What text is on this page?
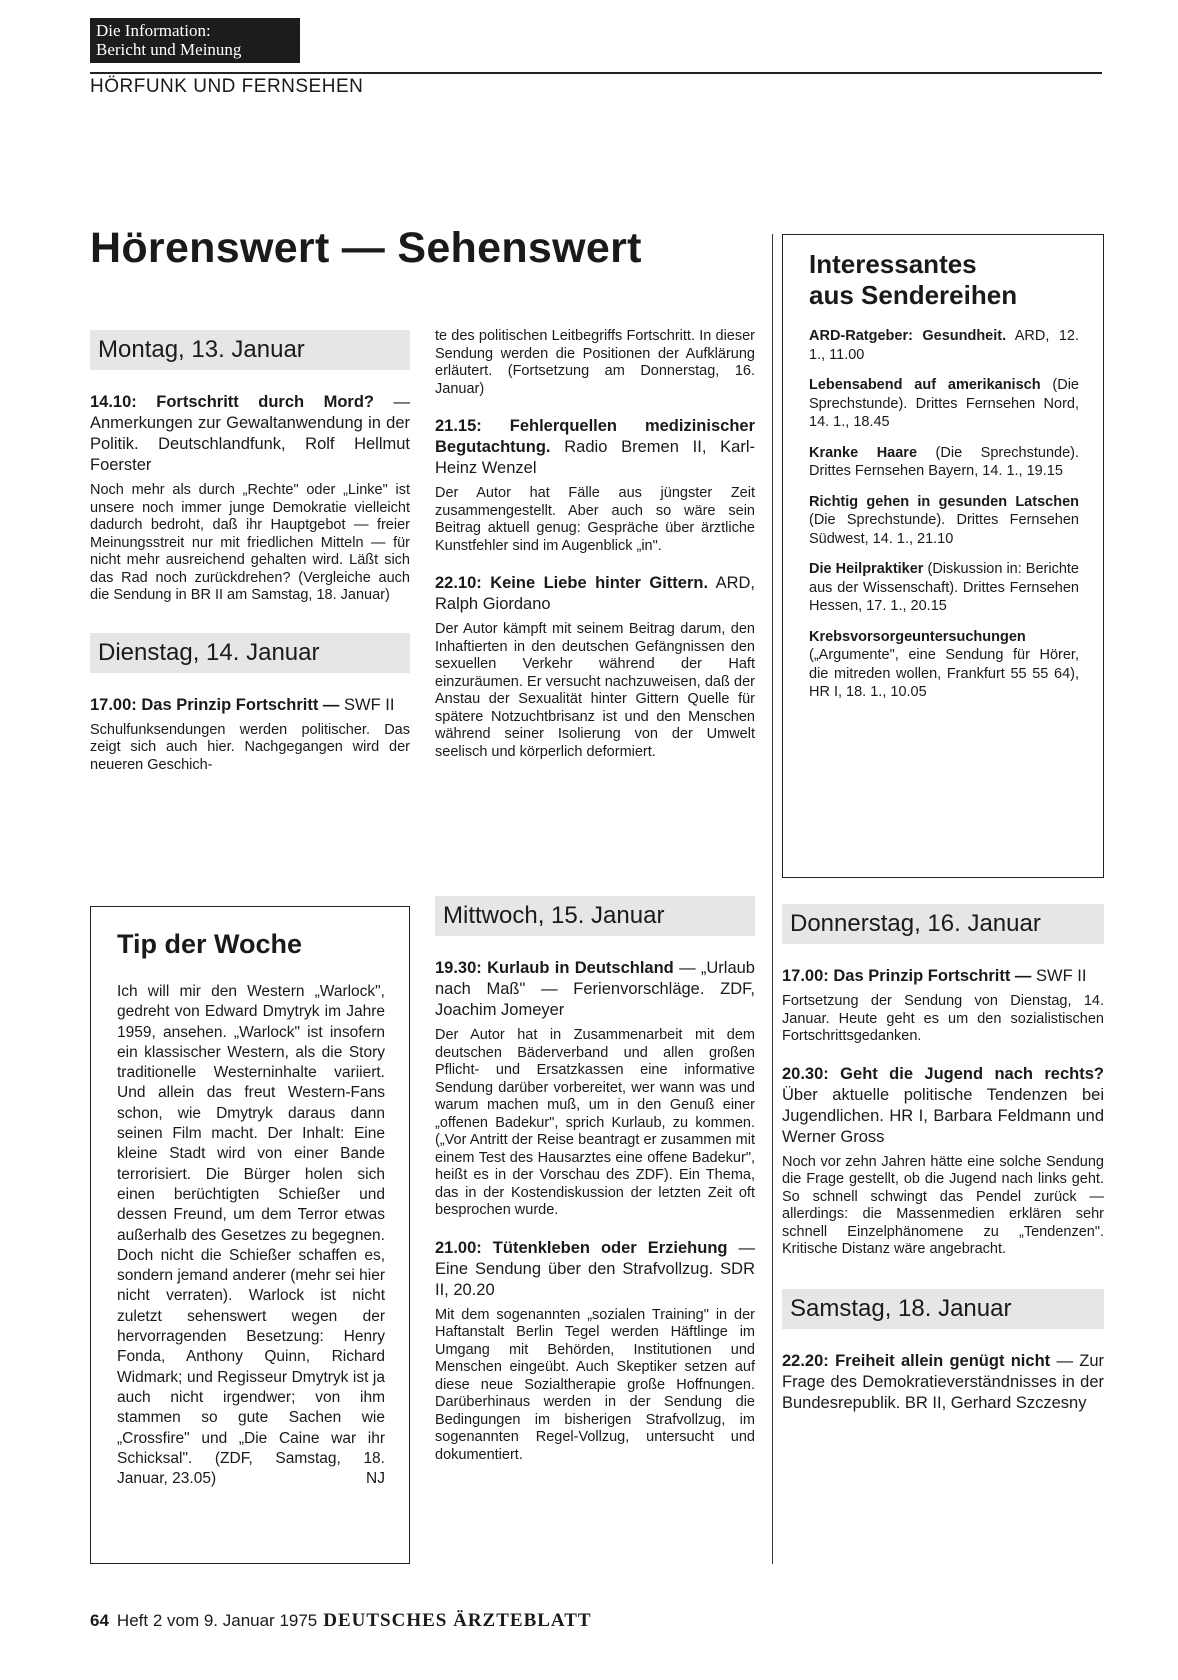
Die Information:
Bericht und Meinung
HÖRFUNK UND FERNSEHEN
Hörenswert — Sehenswert
Montag, 13. Januar

14.10: Fortschritt durch Mord? — Anmerkungen zur Gewaltanwendung in der Politik. Deutschlandfunk, Rolf Hellmut Foerster

Noch mehr als durch „Rechte" oder „Linke" ist unsere noch immer junge Demokratie vielleicht dadurch bedroht, daß ihr Hauptgebot — freier Meinungsstreit nur mit friedlichen Mitteln — für nicht mehr ausreichend gehalten wird. Läßt sich das Rad noch zurückdrehen? (Vergleiche auch die Sendung in BR II am Samstag, 18. Januar)

Dienstag, 14. Januar

17.00: Das Prinzip Fortschritt — SWF II

Schulfunksendungen werden politischer. Das zeigt sich auch hier. Nachgegangen wird der neueren Geschich-

te des politischen Leitbegriffs Fortschritt. In dieser Sendung werden die Positionen der Aufklärung erläutert. (Fortsetzung am Donnerstag, 16. Januar)

21.15: Fehlerquellen medizinischer Begutachtung. Radio Bremen II, Karl-Heinz Wenzel

Der Autor hat Fälle aus jüngster Zeit zusammengestellt. Aber auch so wäre sein Beitrag aktuell genug: Gespräche über ärztliche Kunstfehler sind im Augenblick „in".

22.10: Keine Liebe hinter Gittern. ARD, Ralph Giordano

Der Autor kämpft mit seinem Beitrag darum, den Inhaftierten in den deutschen Gefängnissen den sexuellen Verkehr während der Haft einzuräumen. Er versucht nachzuweisen, daß der Anstau der Sexualität hinter Gittern Quelle für spätere Notzuchtbrisanz ist und den Menschen während seiner Isolierung von der Umwelt seelisch und körperlich deformiert.

Interessantes
aus Sendereihen

ARD-Ratgeber: Gesundheit. ARD, 12. 1., 11.00

Lebensabend auf amerikanisch (Die Sprechstunde). Drittes Fernsehen Nord, 14. 1., 18.45

Kranke Haare (Die Sprechstunde). Drittes Fernsehen Bayern, 14. 1., 19.15

Richtig gehen in gesunden Latschen (Die Sprechstunde). Drittes Fernsehen Südwest, 14. 1., 21.10

Die Heilpraktiker (Diskussion in: Berichte aus der Wissenschaft). Drittes Fernsehen Hessen, 17. 1., 20.15

Krebsvorsorgeuntersuchungen („Argumente", eine Sendung für Hörer, die mitreden wollen, Frankfurt 55 55 64), HR I, 18. 1., 10.05

Tip der Woche

Ich will mir den Western „Warlock", gedreht von Edward Dmytryk im Jahre 1959, ansehen. „Warlock" ist insofern ein klassischer Western, als die Story traditionelle Westerninhalte variiert. Und allein das freut Western-Fans schon, wie Dmytryk daraus dann seinen Film macht. Der Inhalt: Eine kleine Stadt wird von einer Bande terrorisiert. Die Bürger holen sich einen berüchtigten Schießer und dessen Freund, um dem Terror etwas außerhalb des Gesetzes zu begegnen. Doch nicht die Schießer schaffen es, sondern jemand anderer (mehr sei hier nicht verraten). Warlock ist nicht zuletzt sehenswert wegen der hervorragenden Besetzung: Henry Fonda, Anthony Quinn, Richard Widmark; und Regisseur Dmytryk ist ja auch nicht irgendwer; von ihm stammen so gute Sachen wie „Crossfire" und „Die Caine war ihr Schicksal". (ZDF, Samstag, 18. Januar, 23.05)	NJ

Mittwoch, 15. Januar

19.30: Kurlaub in Deutschland — „Urlaub nach Maß" — Ferienvorschläge. ZDF, Joachim Jomeyer

Der Autor hat in Zusammenarbeit mit dem deutschen Bäderverband und allen großen Pflicht- und Ersatzkassen eine informative Sendung darüber vorbereitet, wer wann was und warum machen muß, um in den Genuß einer „offenen Badekur", sprich Kurlaub, zu kommen. („Vor Antritt der Reise beantragt er zusammen mit einem Test des Hausarztes eine offene Badekur", heißt es in der Vorschau des ZDF). Ein Thema, das in der Kostendiskussion der letzten Zeit oft besprochen wurde.

21.00: Tütenkleben oder Erziehung — Eine Sendung über den Strafvollzug. SDR II, 20.20

Mit dem sogenannten „sozialen Training" in der Haftanstalt Berlin Tegel werden Häftlinge im Umgang mit Behörden, Institutionen und Menschen eingeübt. Auch Skeptiker setzen auf diese neue Sozialtherapie große Hoffnungen. Darüberhinaus werden in der Sendung die Bedingungen im bisherigen Strafvollzug, im sogenannten Regel-Vollzug, untersucht und dokumentiert.

Donnerstag, 16. Januar

17.00: Das Prinzip Fortschritt — SWF II

Fortsetzung der Sendung von Dienstag, 14. Januar. Heute geht es um den sozialistischen Fortschrittsgedanken.

20.30: Geht die Jugend nach rechts? Über aktuelle politische Tendenzen bei Jugendlichen. HR I, Barbara Feldmann und Werner Gross

Noch vor zehn Jahren hätte eine solche Sendung die Frage gestellt, ob die Jugend nach links geht. So schnell schwingt das Pendel zurück — allerdings: die Massenmedien erklären sehr schnell Einzelphänomene zu „Tendenzen". Kritische Distanz wäre angebracht.

Samstag, 18. Januar

22.20: Freiheit allein genügt nicht — Zur Frage des Demokratieverständnisses in der Bundesrepublik. BR II, Gerhard Szczesny

64 Heft 2 vom 9. Januar 1975 DEUTSCHES ÄRZTEBLATT
